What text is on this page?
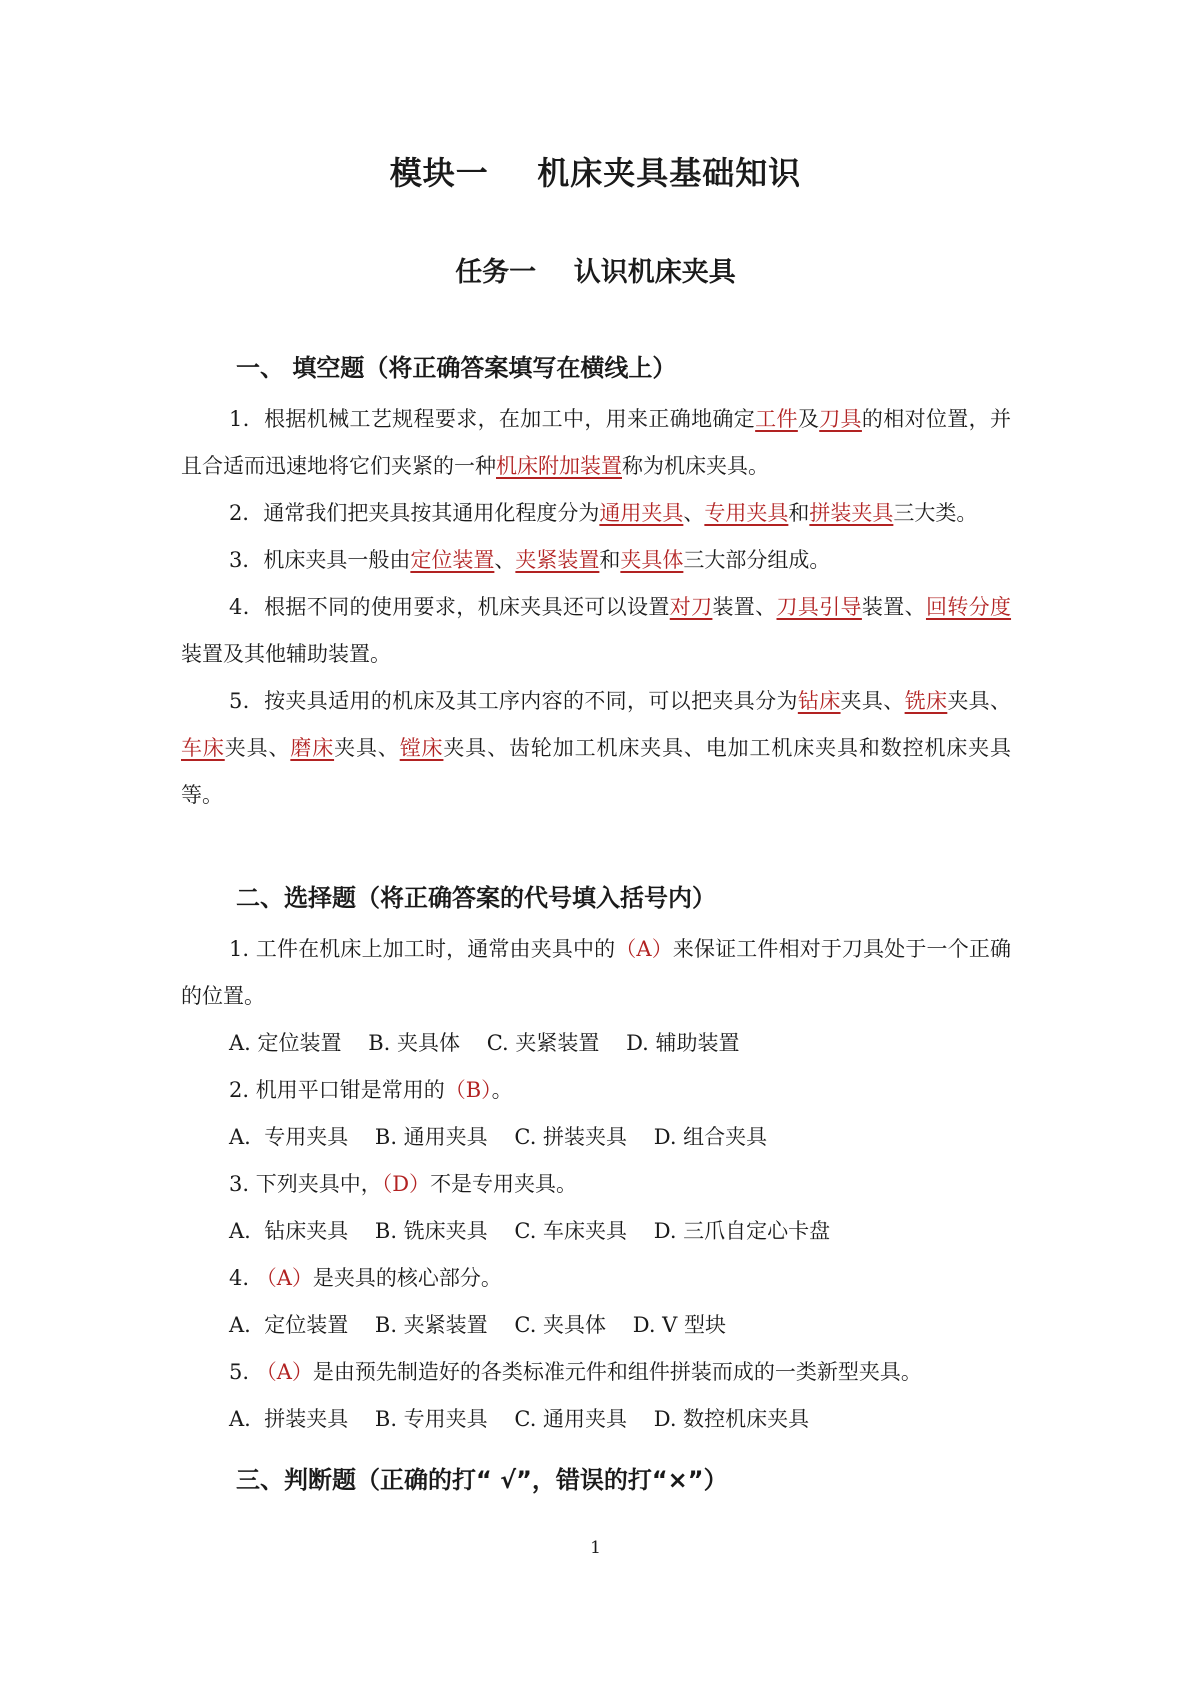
模块一    机床夹具基础知识
任务一    认识机床夹具
一、 填空题（将正确答案填写在横线上）

1．根据机械工艺规程要求，在加工中，用来正确地确定工件及刀具的相对位置，并且合适而迅速地将它们夹紧的一种机床附加装置称为机床夹具。

2．通常我们把夹具按其通用化程度分为通用夹具、专用夹具和拼装夹具三大类。

3．机床夹具一般由定位装置、夹紧装置和夹具体三大部分组成。

4．根据不同的使用要求，机床夹具还可以设置对刀装置、刀具引导装置、回转分度装置及其他辅助装置。

5．按夹具适用的机床及其工序内容的不同，可以把夹具分为钻床夹具、铣床夹具、车床夹具、磨床夹具、镗床夹具、齿轮加工机床夹具、电加工机床夹具和数控机床夹具等。

二、选择题（将正确答案的代号填入括号内）

1. 工件在机床上加工时，通常由夹具中的（A）来保证工件相对于刀具处于一个正确的位置。

A. 定位装置    B. 夹具体    C. 夹紧装置    D. 辅助装置

2. 机用平口钳是常用的（B）。

A.  专用夹具    B. 通用夹具    C. 拼装夹具    D. 组合夹具

3. 下列夹具中，（D）不是专用夹具。

A.  钻床夹具    B. 铣床夹具    C. 车床夹具    D. 三爪自定心卡盘

4. （A）是夹具的核心部分。

A.  定位装置    B. 夹紧装置    C. 夹具体    D. V 型块

5. （A）是由预先制造好的各类标准元件和组件拼装而成的一类新型夹具。

A.  拼装夹具    B. 专用夹具    C. 通用夹具    D. 数控机床夹具

三、判断题（正确的打“ √”，错误的打“×”）
1
